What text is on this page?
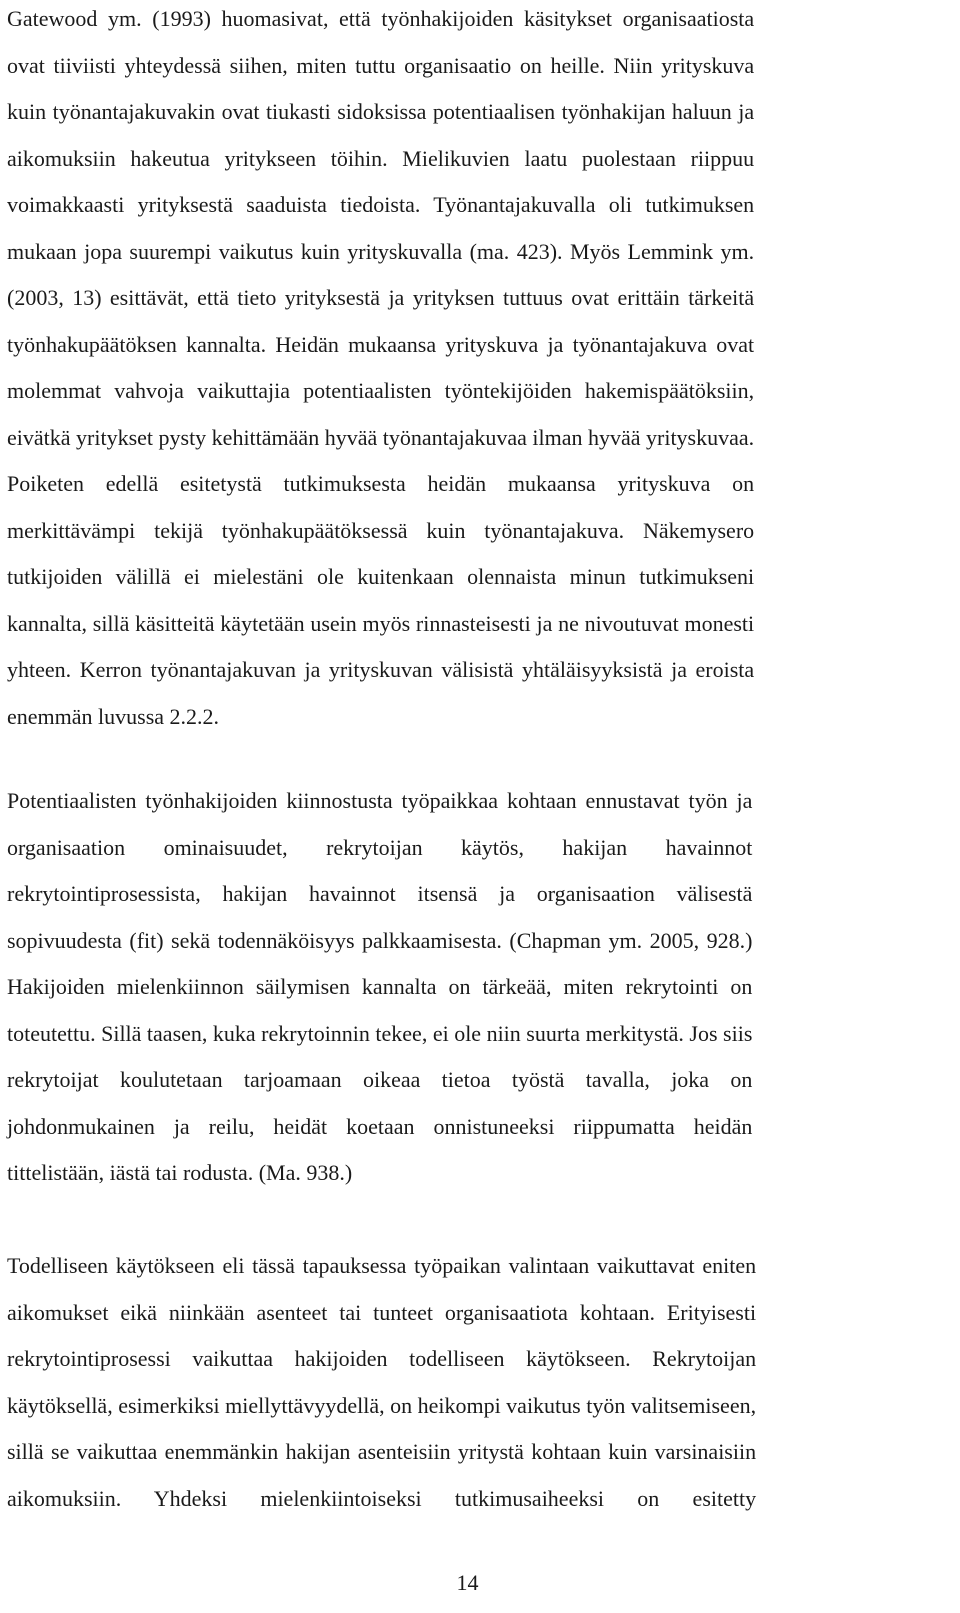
Gatewood ym. (1993) huomasivat, että työnhakijoiden käsitykset organisaatiosta
ovat tiiviisti yhteydessä siihen, miten tuttu organisaatio on heille. Niin yrityskuva
kuin työnantajakuvakin ovat tiukasti sidoksissa potentiaalisen työnhakijan haluun ja
aikomuksiin hakeutua yritykseen töihin. Mielikuvien laatu puolestaan riippuu
voimakkaasti yrityksestä saaduista tiedoista. Työnantajakuvalla oli tutkimuksen
mukaan jopa suurempi vaikutus kuin yrityskuvalla (ma. 423). Myös Lemmink ym.
(2003, 13) esittävät, että tieto yrityksestä ja yrityksen tuttuus ovat erittäin tärkeitä
työnhakupäätöksen kannalta. Heidän mukaansa yrityskuva ja työnantajakuva ovat
molemmat vahvoja vaikuttajia potentiaalisten työntekijöiden hakemispäätöksiin,
eivätkä yritykset pysty kehittämään hyvää työnantajakuvaa ilman hyvää yrityskuvaa.
Poiketen edellä esitetystä tutkimuksesta heidän mukaansa yrityskuva on
merkittävämpi tekijä työnhakupäätöksessä kuin työnantajakuva. Näkemysero
tutkijoiden välillä ei mielestäni ole kuitenkaan olennaista minun tutkimukseni
kannalta, sillä käsitteitä käytetään usein myös rinnasteisesti ja ne nivoutuvat monesti
yhteen. Kerron työnantajakuvan ja yrityskuvan välisistä yhtäläisyyksistä ja eroista
enemmän luvussa 2.2.2.

Potentiaalisten työnhakijoiden kiinnostusta työpaikkaa kohtaan ennustavat työn ja
organisaation ominaisuudet, rekrytoijan käytös, hakijan havainnot
rekrytointiprosessista, hakijan havainnot itsensä ja organisaation välisestä
sopivuudesta (fit) sekä todennäköisyys palkkaamisesta. (Chapman ym. 2005, 928.)
Hakijoiden mielenkiinnon säilymisen kannalta on tärkeää, miten rekrytointi on
toteutettu. Sillä taasen, kuka rekrytoinnin tekee, ei ole niin suurta merkitystä. Jos siis
rekrytoijat koulutetaan tarjoamaan oikeaa tietoa työstä tavalla, joka on
johdonmukainen ja reilu, heidät koetaan onnistuneeksi riippumatta heidän
tittelistään, iästä tai rodusta. (Ma. 938.)

Todelliseen käytökseen eli tässä tapauksessa työpaikan valintaan vaikuttavat eniten
aikomukset eikä niinkään asenteet tai tunteet organisaatiota kohtaan. Erityisesti
rekrytointiprosessi vaikuttaa hakijoiden todelliseen käytökseen. Rekrytoijan
käytöksellä, esimerkiksi miellyttävyydellä, on heikompi vaikutus työn valitsemiseen,
sillä se vaikuttaa enemmänkin hakijan asenteisiin yritystä kohtaan kuin varsinaisiin
aikomuksiin. Yhdeksi mielenkiintoiseksi tutkimusaiheeksi on esitetty

14
